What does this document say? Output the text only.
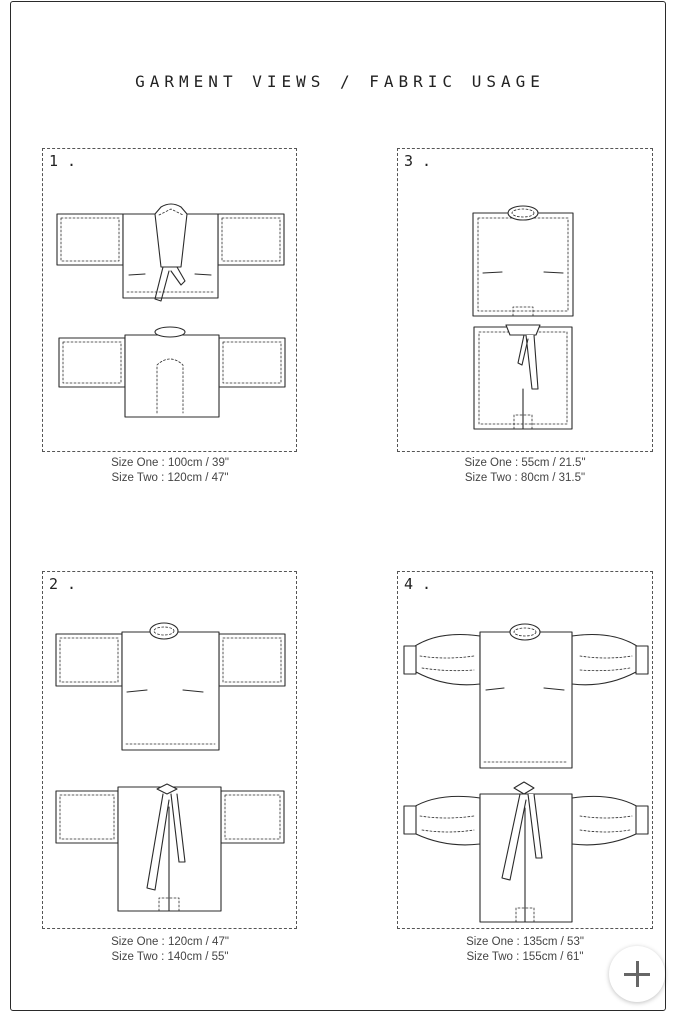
GARMENT VIEWS / FABRIC USAGE
1 .
Size One : 100cm / 39"
Size Two : 120cm / 47"
3 .
Size One : 55cm / 21.5"
Size Two : 80cm / 31.5"
2 .
Size One : 120cm / 47"
Size Two : 140cm / 55"
4 .
Size One : 135cm / 53"
Size Two : 155cm / 61"
